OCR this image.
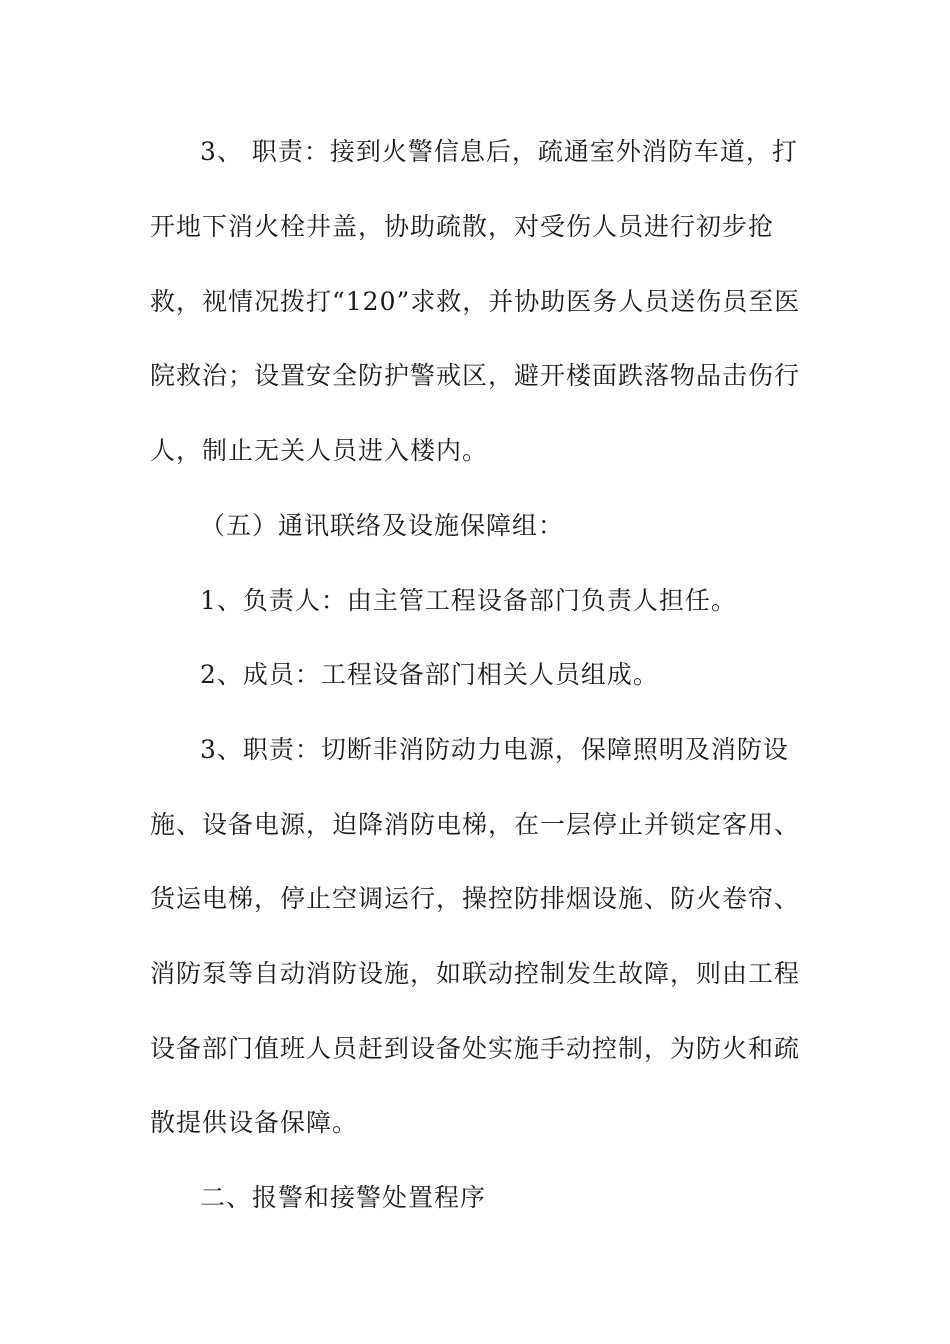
3、 职责：接到火警信息后，疏通室外消防车道，打
开地下消火栓井盖，协助疏散，对受伤人员进行初步抢
救，视情况拨打“120”求救，并协助医务人员送伤员至医
院救治；设置安全防护警戒区，避开楼面跌落物品击伤行
人，制止无关人员进入楼内。
（五）通讯联络及设施保障组：
1、负责人：由主管工程设备部门负责人担任。
2、成员：工程设备部门相关人员组成。
3、职责：切断非消防动力电源，保障照明及消防设
施、设备电源，迫降消防电梯，在一层停止并锁定客用、
货运电梯，停止空调运行，操控防排烟设施、防火卷帘、
消防泵等自动消防设施，如联动控制发生故障，则由工程
设备部门值班人员赶到设备处实施手动控制，为防火和疏
散提供设备保障。
二、报警和接警处置程序
